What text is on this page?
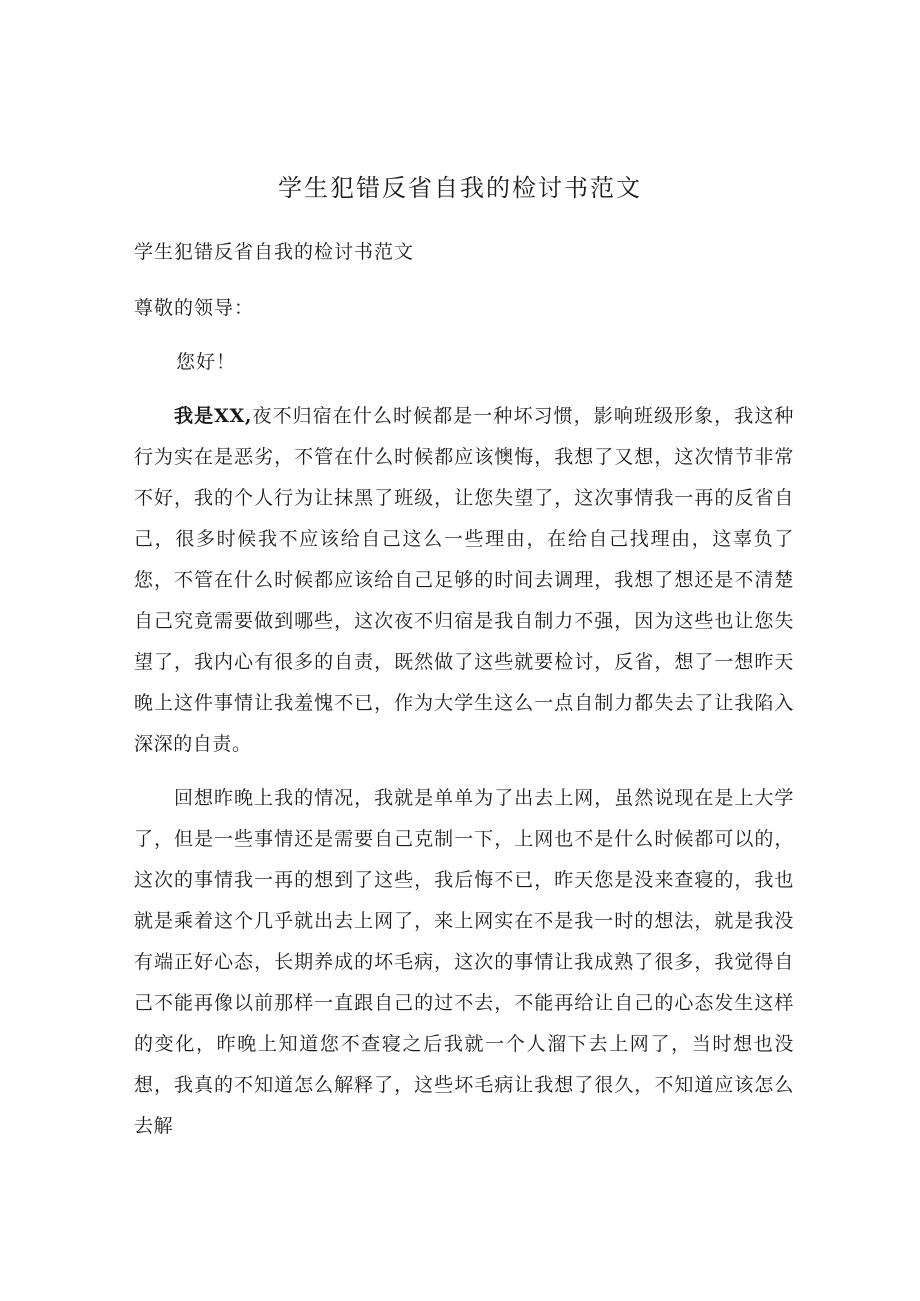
学生犯错反省自我的检讨书范文

学生犯错反省自我的检讨书范文

尊敬的领导：

您好！

我是XX,夜不归宿在什么时候都是一种坏习惯，影响班级形象，我这种行为实在是恶劣，不管在什么时候都应该懊悔，我想了又想，这次情节非常不好，我的个人行为让抹黑了班级，让您失望了，这次事情我一再的反省自己，很多时候我不应该给自己这么一些理由，在给自己找理由，这辜负了您，不管在什么时候都应该给自己足够的时间去调理，我想了想还是不清楚自己究竟需要做到哪些，这次夜不归宿是我自制力不强，因为这些也让您失望了，我内心有很多的自责，既然做了这些就要检讨，反省，想了一想昨天晚上这件事情让我羞愧不已，作为大学生这么一点自制力都失去了让我陷入深深的自责。

回想昨晚上我的情况，我就是单单为了出去上网，虽然说现在是上大学了，但是一些事情还是需要自己克制一下，上网也不是什么时候都可以的，这次的事情我一再的想到了这些，我后悔不已，昨天您是没来查寝的，我也就是乘着这个几乎就出去上网了，来上网实在不是我一时的想法，就是我没有端正好心态，长期养成的坏毛病，这次的事情让我成熟了很多，我觉得自己不能再像以前那样一直跟自己的过不去，不能再给让自己的心态发生这样的变化，昨晚上知道您不查寝之后我就一个人溜下去上网了，当时想也没想，我真的不知道怎么解释了，这些坏毛病让我想了很久，不知道应该怎么去解
